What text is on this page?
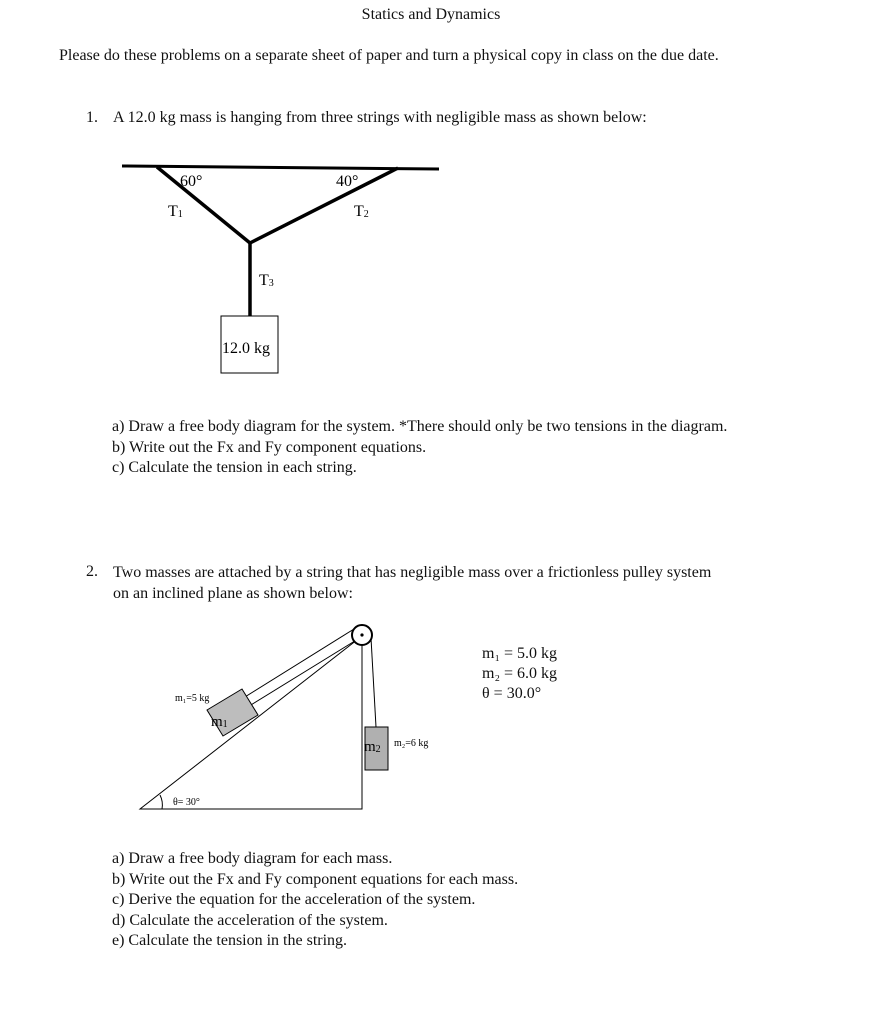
Statics and Dynamics
Please do these problems on a separate sheet of paper and turn a physical copy in class on the due date.
1. A 12.0 kg mass is hanging from three strings with negligible mass as shown below:
12.0 kg
60°	40°
T1	T2
T3
a) Draw a free body diagram for the system. *There should only be two tensions in the diagram.
b) Write out the Fx and Fy component equations.
c) Calculate the tension in each string.
2. Two masses are attached by a string that has negligible mass over a frictionless pulley system
on an inclined plane as shown below:
θ= 30°
m1
m₁=5 kg
m2
m₂=6 kg
m₁ = 5.0 kg
m₂ = 6.0 kg
θ = 30.0°
a) Draw a free body diagram for each mass.
b) Write out the Fx and Fy component equations for each mass.
c) Derive the equation for the acceleration of the system.
d) Calculate the acceleration of the system.
e) Calculate the tension in the string.
